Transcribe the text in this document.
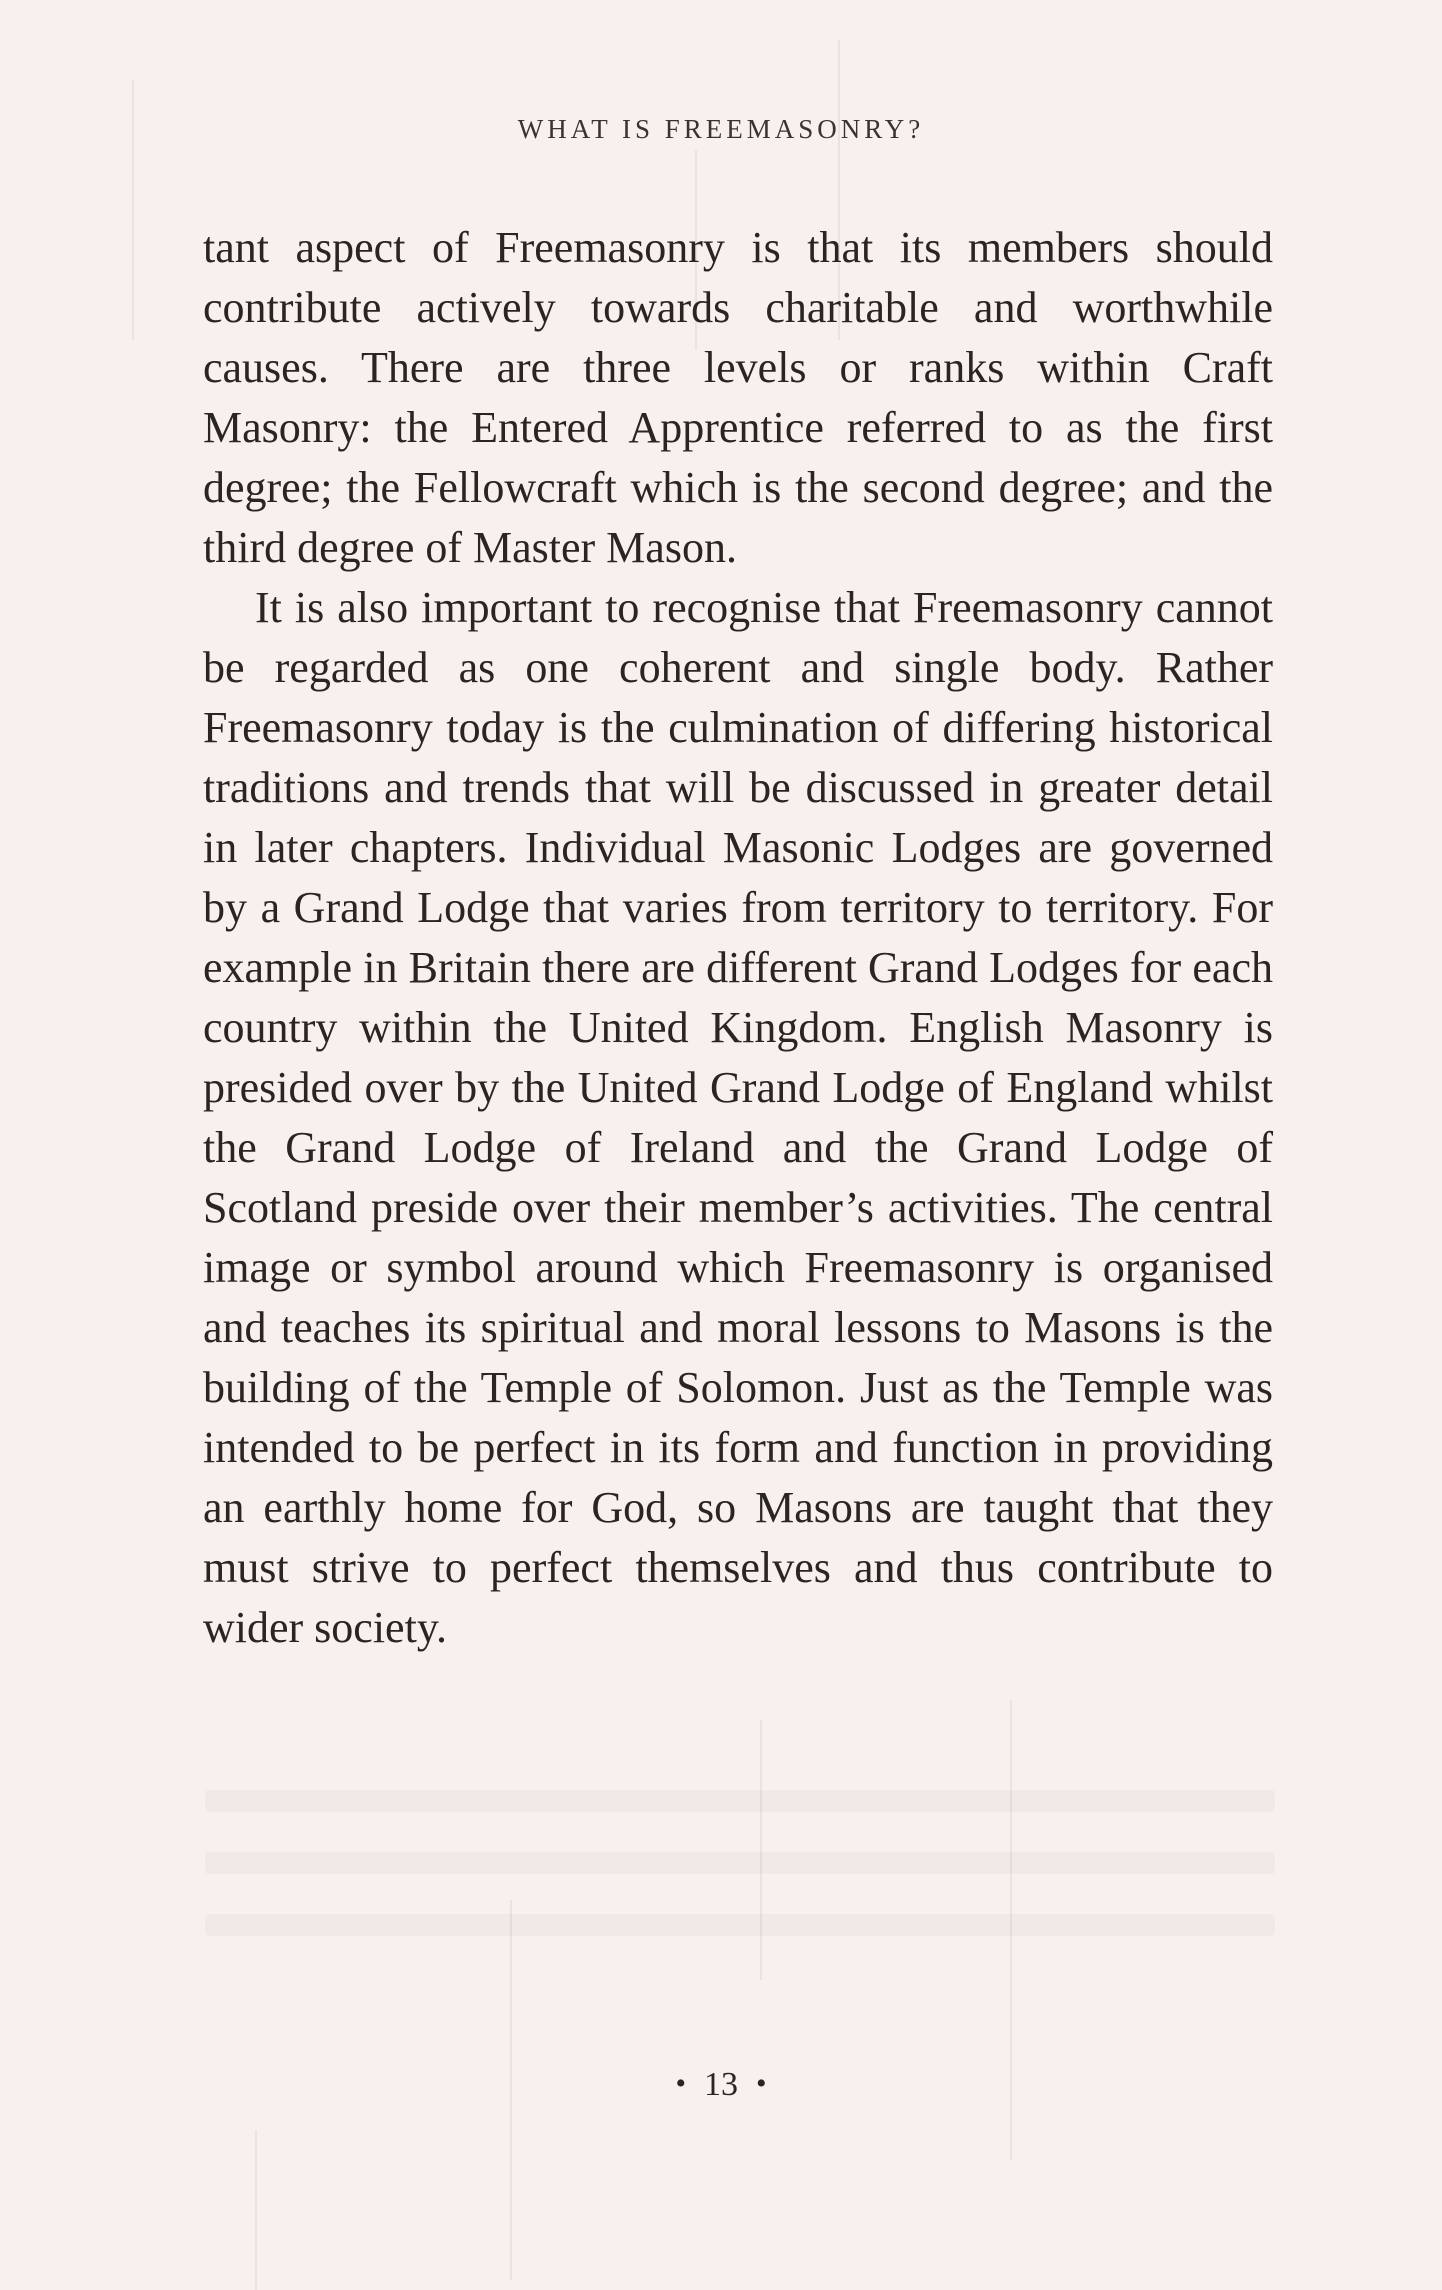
WHAT IS FREEMASONRY?

tant aspect of Freemasonry is that its members should contribute actively towards charitable and worthwhile causes. There are three levels or ranks within Craft Masonry: the Entered Apprentice referred to as the first degree; the Fellowcraft which is the second degree; and the third degree of Master Mason.

It is also important to recognise that Freemasonry cannot be regarded as one coherent and single body. Rather Freemasonry today is the culmination of differing historical traditions and trends that will be discussed in greater detail in later chapters. Individual Masonic Lodges are governed by a Grand Lodge that varies from territory to territory. For example in Britain there are different Grand Lodges for each country within the United Kingdom. English Masonry is presided over by the United Grand Lodge of England whilst the Grand Lodge of Ireland and the Grand Lodge of Scotland preside over their member’s activities. The central image or symbol around which Freemasonry is organised and teaches its spiritual and moral lessons to Masons is the building of the Temple of Solomon. Just as the Temple was intended to be perfect in its form and function in providing an earthly home for God, so Masons are taught that they must strive to perfect themselves and thus contribute to wider society.

• 13 •
